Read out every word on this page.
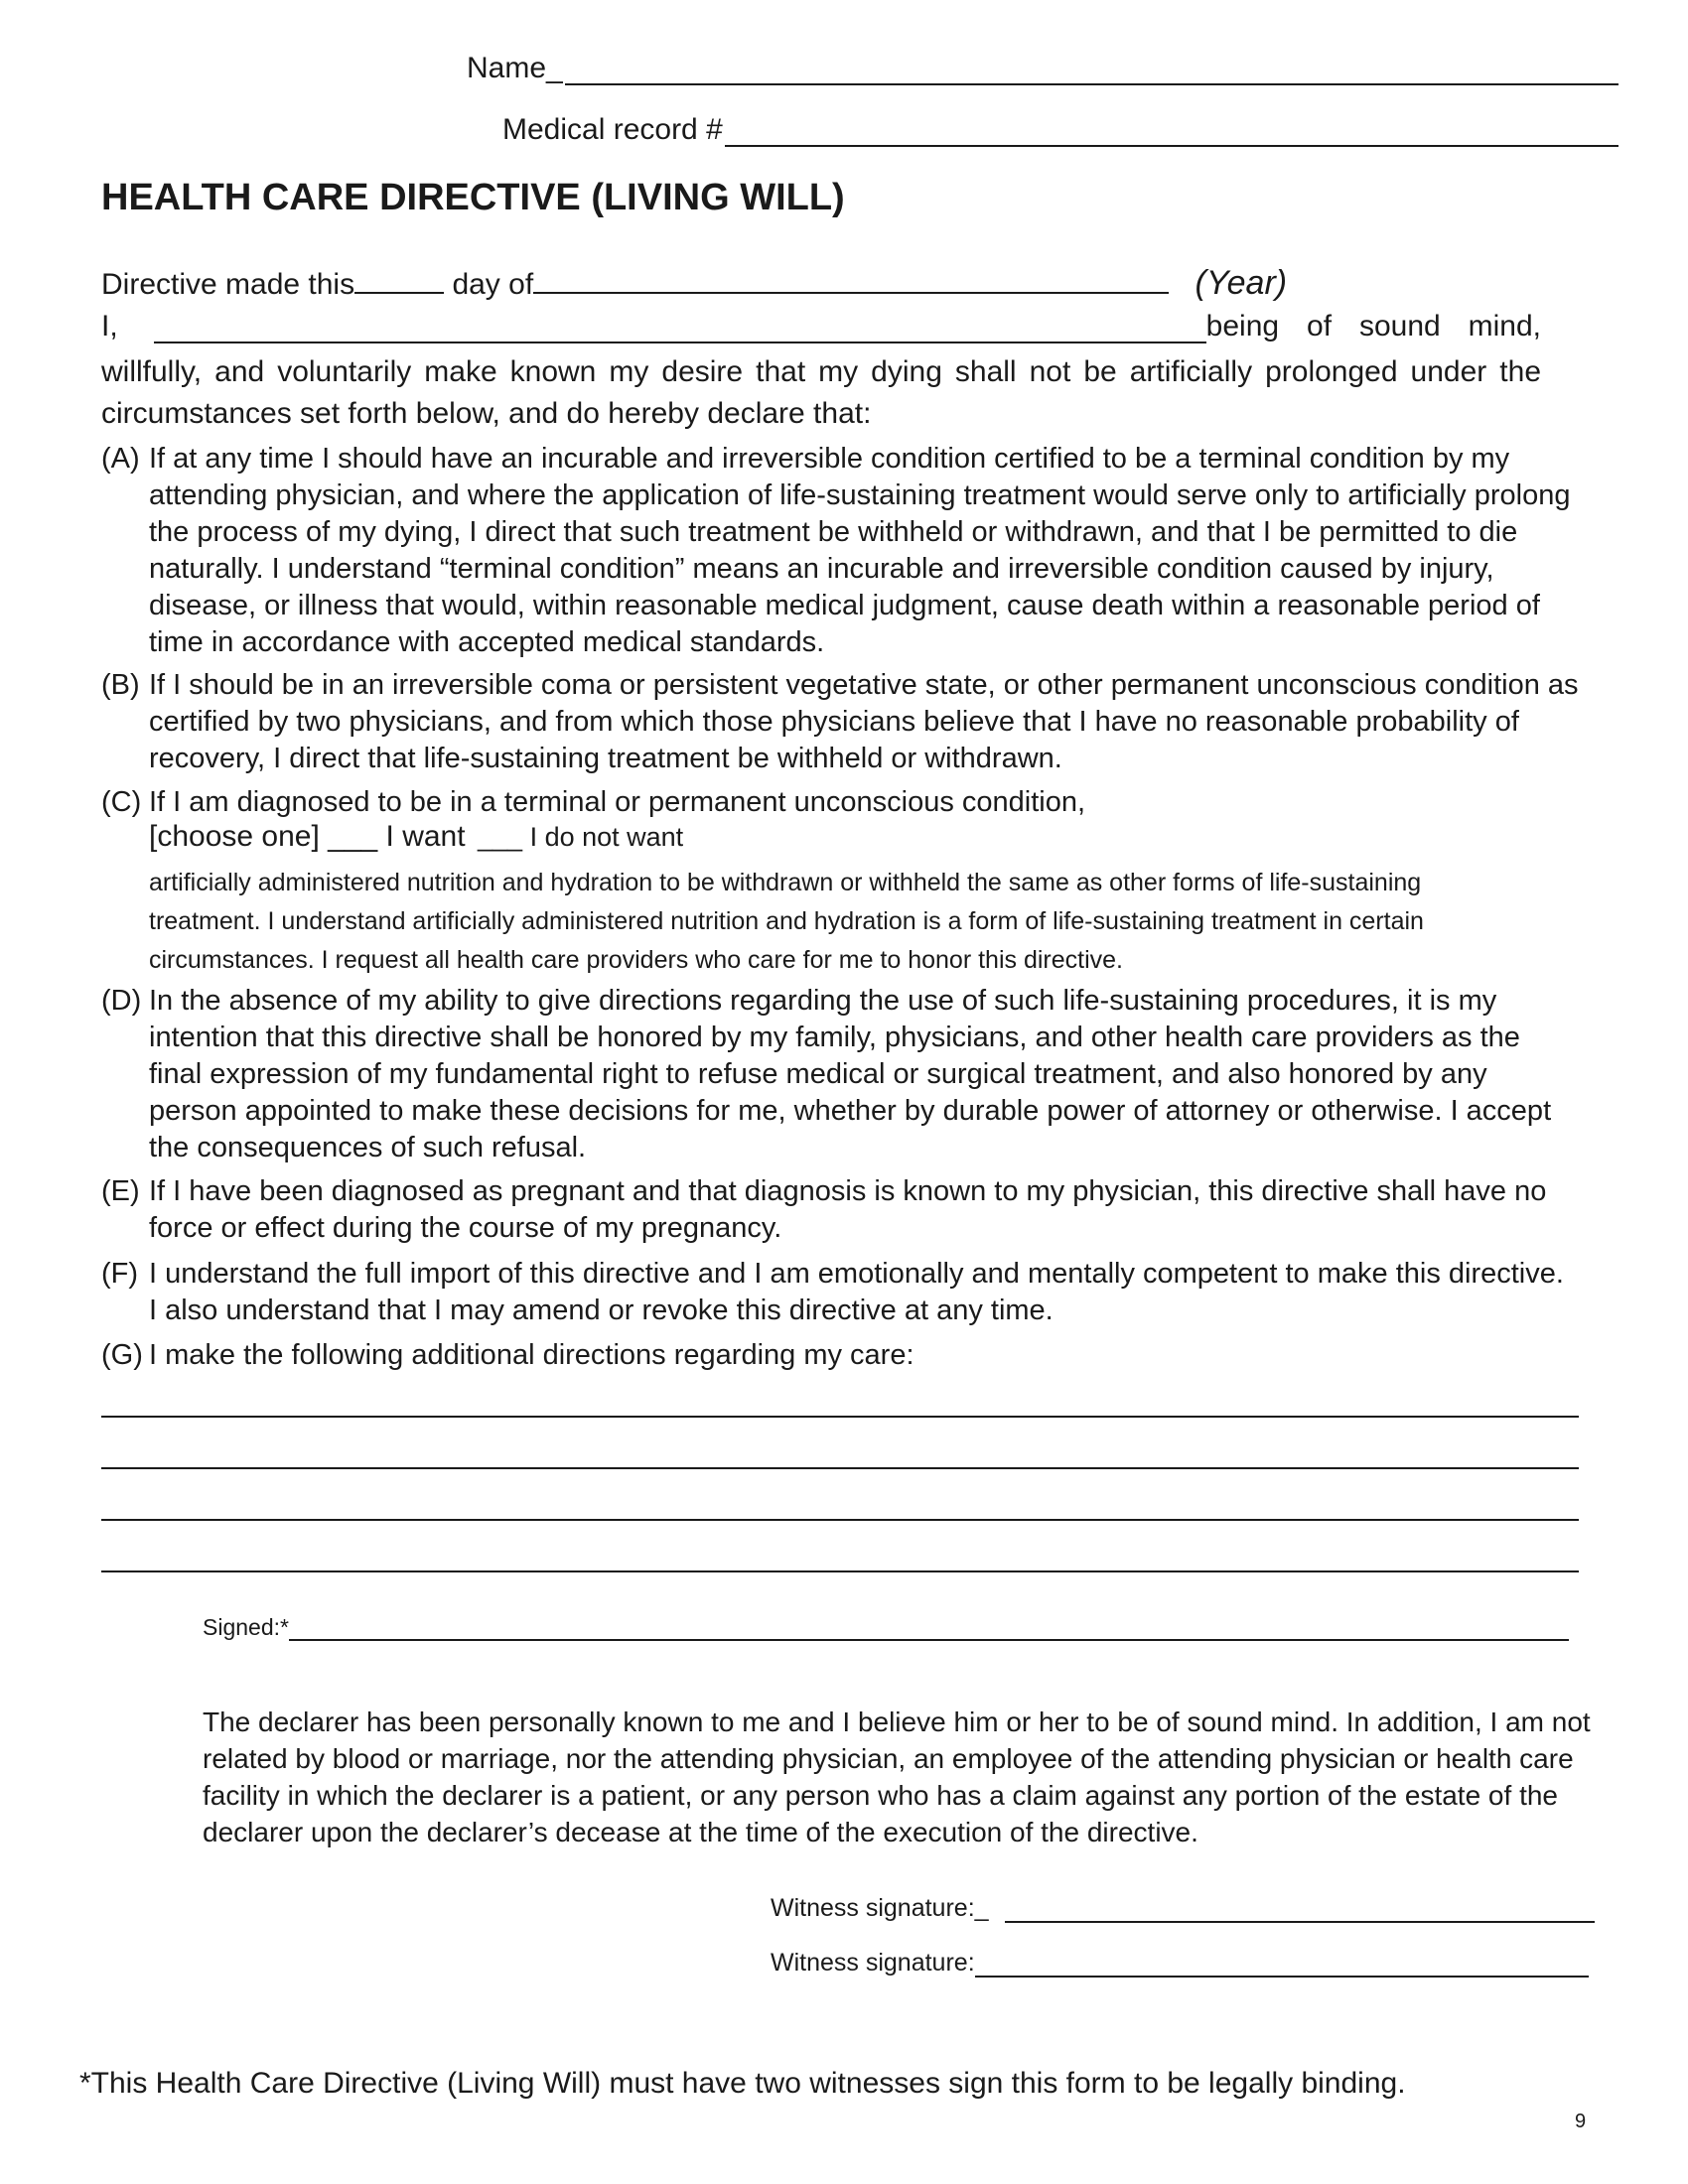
Name_
Medical record #
HEALTH CARE DIRECTIVE (LIVING WILL)
Directive made this	day of	(Year)
I,	being of sound mind,
willfully, and voluntarily make known my desire that my dying shall not be artificially prolonged under the circumstances set forth below, and do hereby declare that:
(A) If at any time I should have an incurable and irreversible condition certified to be a terminal condition by my attending physician, and where the application of life-sustaining treatment would serve only to artificially prolong the process of my dying, I direct that such treatment be withheld or withdrawn, and that I be permitted to die naturally. I understand “terminal condition” means an incurable and irreversible condition caused by injury, disease, or illness that would, within reasonable medical judgment, cause death within a reasonable period of time in accordance with accepted medical standards.
(B) If I should be in an irreversible coma or persistent vegetative state, or other permanent unconscious condition as certified by two physicians, and from which those physicians believe that I have no reasonable probability of recovery, I direct that life-sustaining treatment be withheld or withdrawn.
(C) If I am diagnosed to be in a terminal or permanent unconscious condition,
[choose one] ___ I want ___ I do not want
artificially administered nutrition and hydration to be withdrawn or withheld the same as other forms of life-sustaining treatment. I understand artificially administered nutrition and hydration is a form of life-sustaining treatment in certain circumstances. I request all health care providers who care for me to honor this directive.
(D) In the absence of my ability to give directions regarding the use of such life-sustaining procedures, it is my intention that this directive shall be honored by my family, physicians, and other health care providers as the final expression of my fundamental right to refuse medical or surgical treatment, and also honored by any person appointed to make these decisions for me, whether by durable power of attorney or otherwise. I accept the consequences of such refusal.
(E) If I have been diagnosed as pregnant and that diagnosis is known to my physician, this directive shall have no force or effect during the course of my pregnancy.
(F) I understand the full import of this directive and I am emotionally and mentally competent to make this directive. I also understand that I may amend or revoke this directive at any time.
(G) I make the following additional directions regarding my care:
Signed:*
The declarer has been personally known to me and I believe him or her to be of sound mind. In addition, I am not related by blood or marriage, nor the attending physician, an employee of the attending physician or health care facility in which the declarer is a patient, or any person who has a claim against any portion of the estate of the declarer upon the declarer’s decease at the time of the execution of the directive.
Witness signature:_
Witness signature:
*This Health Care Directive (Living Will) must have two witnesses sign this form to be legally binding.
9
